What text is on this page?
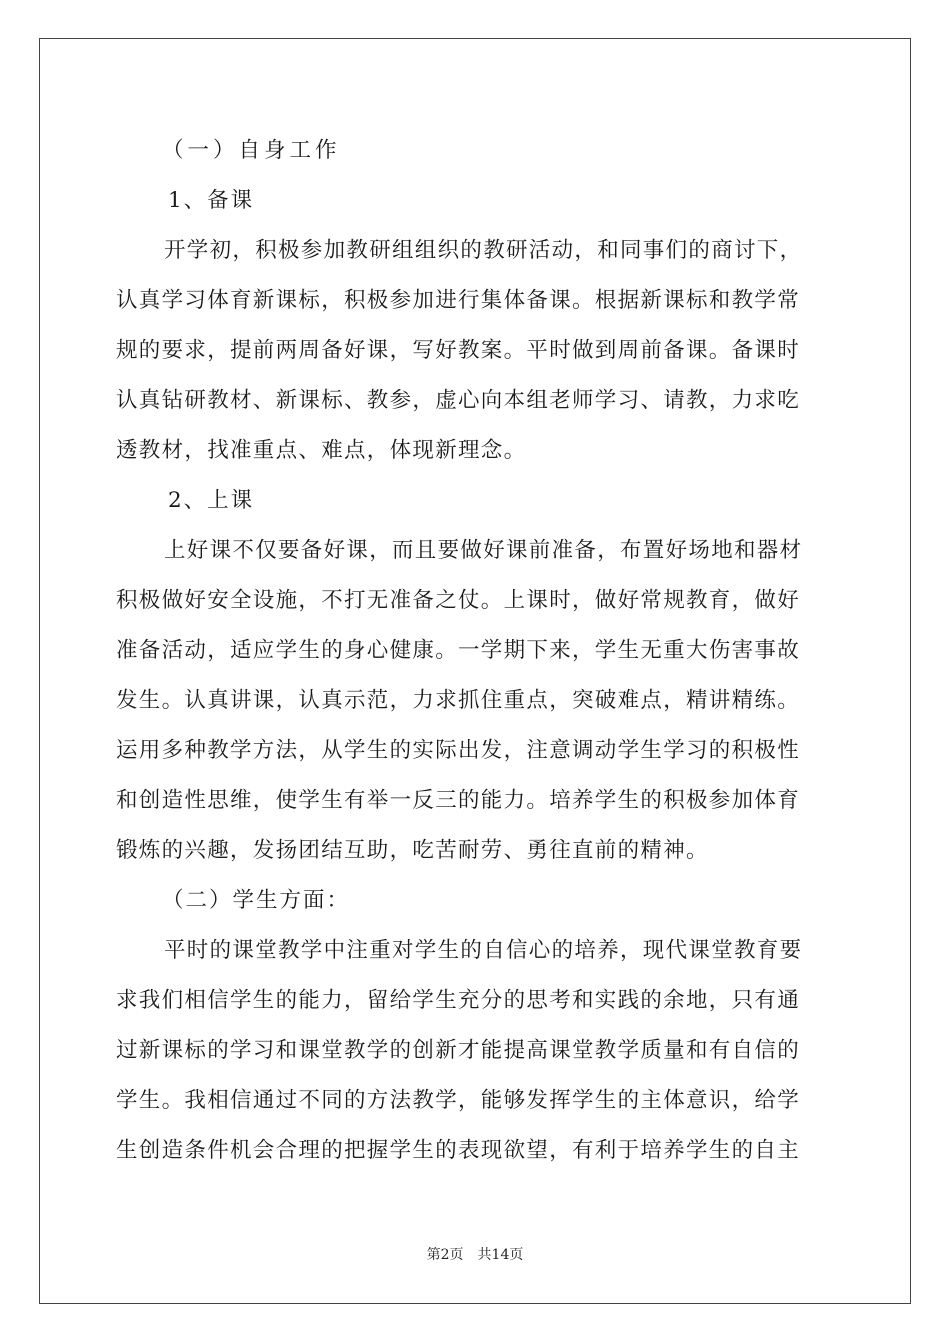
（一）自身工作
1、备课
开学初，积极参加教研组组织的教研活动，和同事们的商讨下，
认真学习体育新课标，积极参加进行集体备课。根据新课标和教学常
规的要求，提前两周备好课，写好教案。平时做到周前备课。备课时
认真钻研教材、新课标、教参，虚心向本组老师学习、请教，力求吃
透教材，找准重点、难点，体现新理念。
2、上课
上好课不仅要备好课，而且要做好课前准备，布置好场地和器材
积极做好安全设施，不打无准备之仗。上课时，做好常规教育，做好
准备活动，适应学生的身心健康。一学期下来，学生无重大伤害事故
发生。认真讲课，认真示范，力求抓住重点，突破难点，精讲精练。
运用多种教学方法，从学生的实际出发，注意调动学生学习的积极性
和创造性思维，使学生有举一反三的能力。培养学生的积极参加体育
锻炼的兴趣，发扬团结互助，吃苦耐劳、勇往直前的精神。
（二）学生方面：
平时的课堂教学中注重对学生的自信心的培养，现代课堂教育要
求我们相信学生的能力，留给学生充分的思考和实践的余地，只有通
过新课标的学习和课堂教学的创新才能提高课堂教学质量和有自信的
学生。我相信通过不同的方法教学，能够发挥学生的主体意识，给学
生创造条件机会合理的把握学生的表现欲望，有利于培养学生的自主
第2页 共14页
